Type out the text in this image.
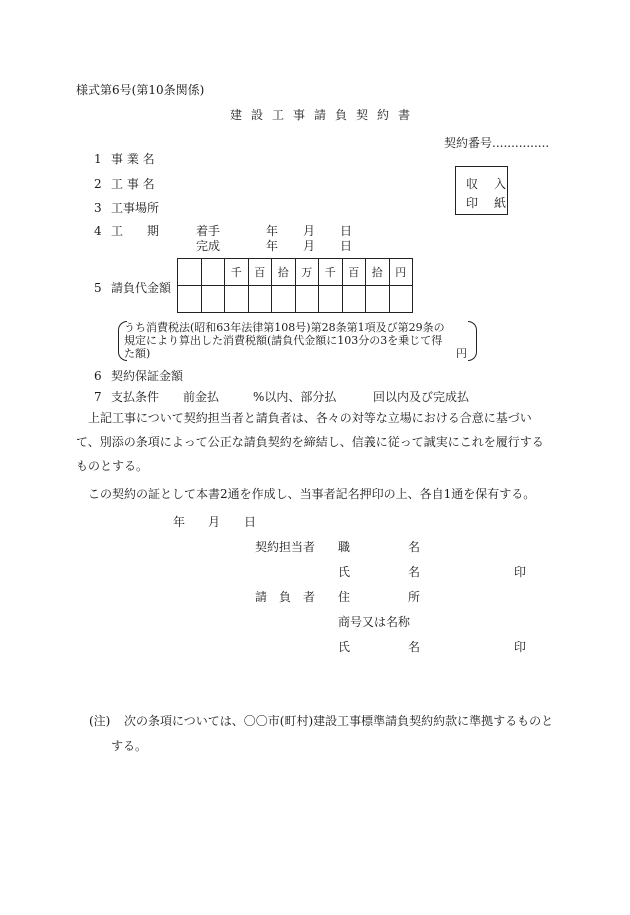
様式第6号(第10条関係)
建設工事請負契約書
契約番号...............
収　入
印　紙
1 事 業 名
2 工 事 名
3 工事場所
4 工　　期	着手	年 月 日
完成	年 月 日
5 請負代金額
		千	百	拾	万	千	百	拾	円

うち消費税法(昭和63年法律第108号)第28条第1項及び第29条の
規定により算出した消費税額(請負代金額に103分の3を乗じて得
た額)	円
6 契約保証金額
7 支払条件 前金払	%以内、部分払	回以内及び完成払
上記工事について契約担当者と請負者は、各々の対等な立場における合意に基づいて、別添の条項によって公正な請負契約を締結し、信義に従って誠実にこれを履行するものとする。
この契約の証として本書2通を作成し、当事者記名押印の上、各自1通を保有する。
年 月 日
契約担当者 職	名
氏	名	印
請　負　者 住	所
商号又は名称
氏	名	印
(注) 次の条項については、〇〇市(町村)建設工事標準請負契約約款に準拠するものと
する。
